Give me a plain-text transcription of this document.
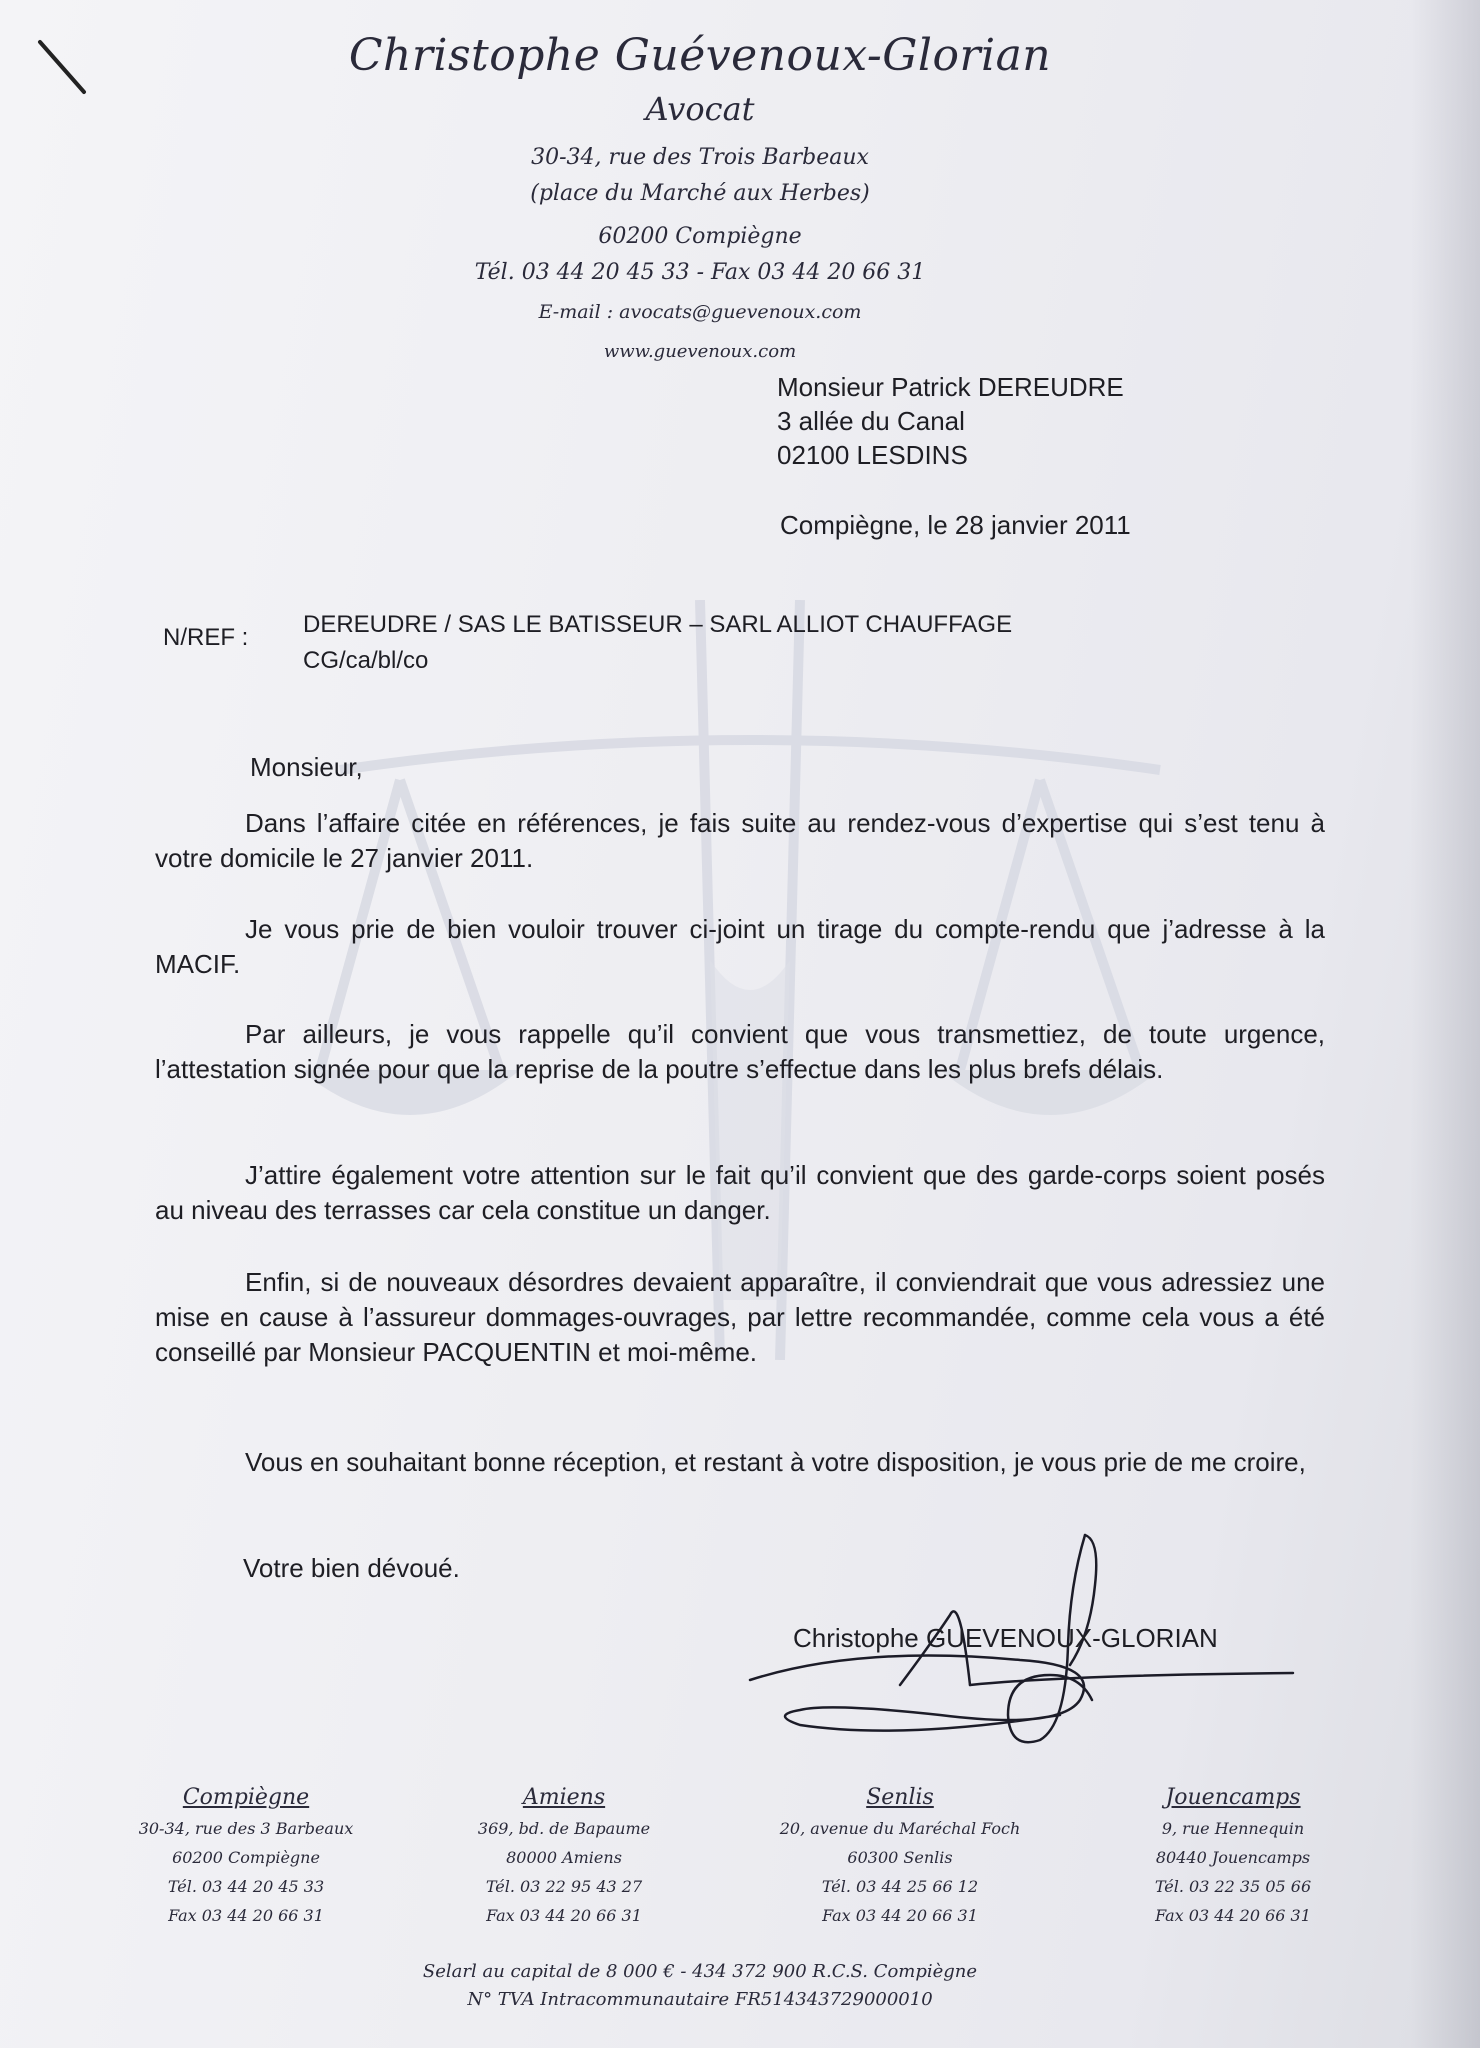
Christophe Guévenoux-Glorian
Avocat
30-34, rue des Trois Barbeaux
(place du Marché aux Herbes)
60200 Compiègne
Tél. 03 44 20 45 33 - Fax 03 44 20 66 31
E-mail : avocats@guevenoux.com
www.guevenoux.com
Monsieur Patrick DEREUDRE
3 allée du Canal
02100 LESDINS
Compiègne, le 28 janvier 2011
N/REF : DEREUDRE / SAS LE BATISSEUR – SARL ALLIOT CHAUFFAGE
CG/ca/bl/co
Monsieur,
Dans l’affaire citée en références, je fais suite au rendez-vous d’expertise qui s’est tenu à votre domicile le 27 janvier 2011.
Je vous prie de bien vouloir trouver ci-joint un tirage du compte-rendu que j’adresse à la MACIF.
Par ailleurs, je vous rappelle qu’il convient que vous transmettiez, de toute urgence, l’attestation signée pour que la reprise de la poutre s’effectue dans les plus brefs délais.
J’attire également votre attention sur le fait qu’il convient que des garde-corps soient posés au niveau des terrasses car cela constitue un danger.
Enfin, si de nouveaux désordres devaient apparaître, il conviendrait que vous adressiez une mise en cause à l’assureur dommages-ouvrages, par lettre recommandée, comme cela vous a été conseillé par Monsieur PACQUENTIN et moi-même.
Vous en souhaitant bonne réception, et restant à votre disposition, je vous prie de me croire,
Votre bien dévoué.
Christophe GUEVENOUX-GLORIAN
Compiègne
30-34, rue des 3 Barbeaux
60200 Compiègne
Tél. 03 44 20 45 33
Fax 03 44 20 66 31
Amiens
369, bd. de Bapaume
80000 Amiens
Tél. 03 22 95 43 27
Fax 03 44 20 66 31
Senlis
20, avenue du Maréchal Foch
60300 Senlis
Tél. 03 44 25 66 12
Fax 03 44 20 66 31
Jouencamps
9, rue Hennequin
80440 Jouencamps
Tél. 03 22 35 05 66
Fax 03 44 20 66 31
Selarl au capital de 8 000 € - 434 372 900 R.C.S. Compiègne
N° TVA Intracommunautaire FR514343729000010
